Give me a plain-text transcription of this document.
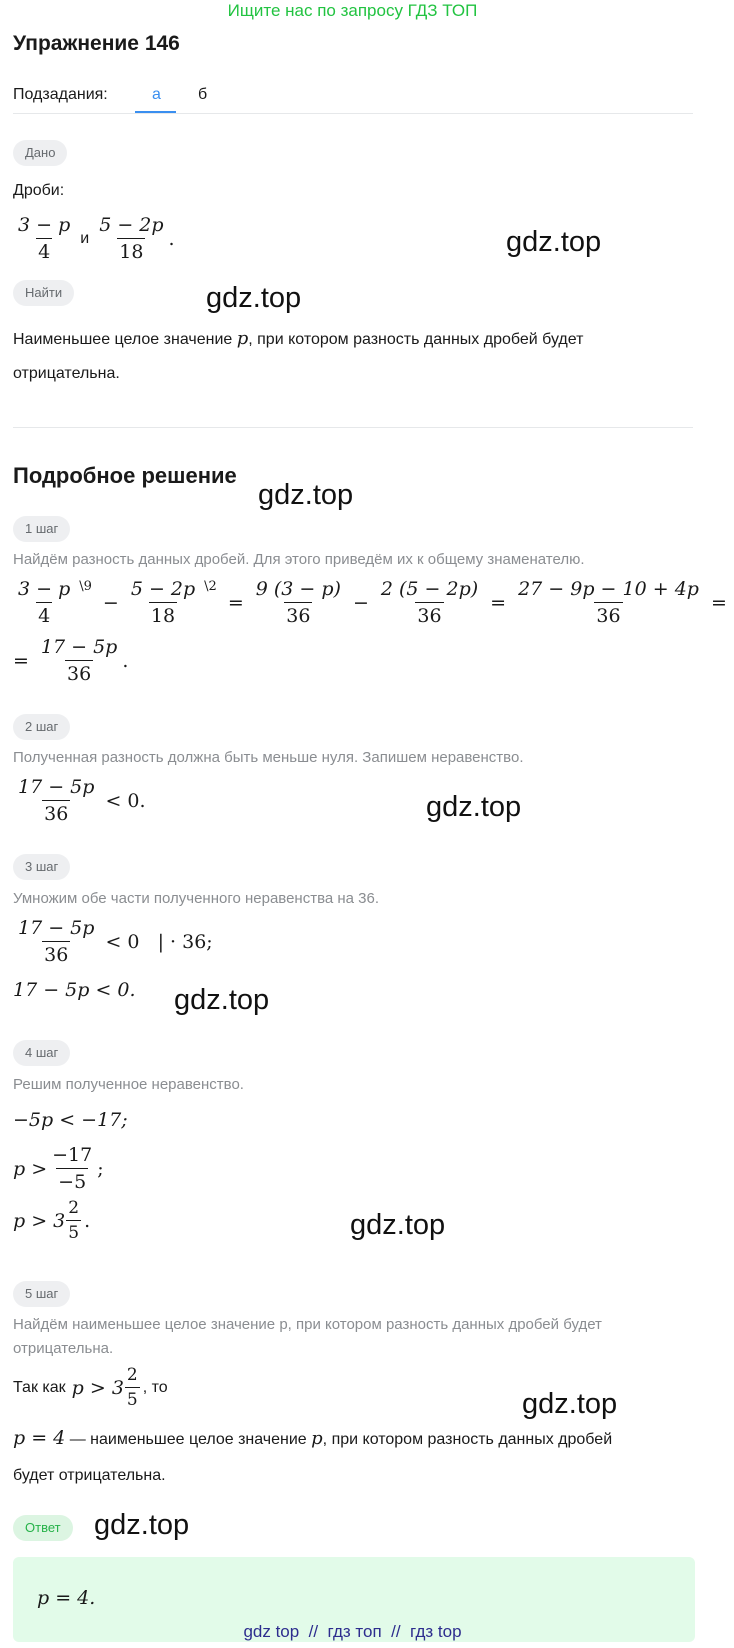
Ищите нас по запросу ГДЗ ТОП
Упражнение 146
Подзадания:	а б
Дано
Дроби:
$\frac{3 - p}{4}$ и $\frac{5 - 2p}{18}$ .
Найти
Наименьшее целое значение p, при котором разность данных дробей будет
отрицательна.
Подробное решение
1 шаг
Найдём разность данных дробей. Для этого приведём их к общему знаменателю.
$\frac{3 - p}{4}$ \9
− $\frac{5 - 2p}{18}$ \2
= $\frac{9 (3 - p)}{36} - \frac{2 (5 - 2p)}{36} = \frac{27 - 9p - 10 + 4p}{36}$ =
= $\frac{17 - 5p}{36}$ .
2 шаг
Полученная разность должна быть меньше нуля. Запишем неравенство.
$\frac{17 - 5p}{36} < 0$.
3 шаг
Умножим обе части полученного неравенства на 36.
$\frac{17 - 5p}{36} < 0$   | · 36;
17 − 5p < 0.
4 шаг
Решим полученное неравенство.
−5p < −17;
$p > \frac{-17}{-5}$ ;
$p > 3 \frac{2}{5}$ .
5 шаг
Найдём наименьшее целое значение p, при котором разность данных дробей будет
отрицательна.
Так как $p > 3 \frac{2}{5}$ , то
p = 4 — наименьшее целое значение p, при котором разность данных дробей
будет отрицательна.
Ответ
p = 4.
gdz.top
gdz.top
gdz.top
gdz.top
gdz.top
gdz.top
gdz.top
gdz.top
gdz top  //  гдз топ  //  гдз top
